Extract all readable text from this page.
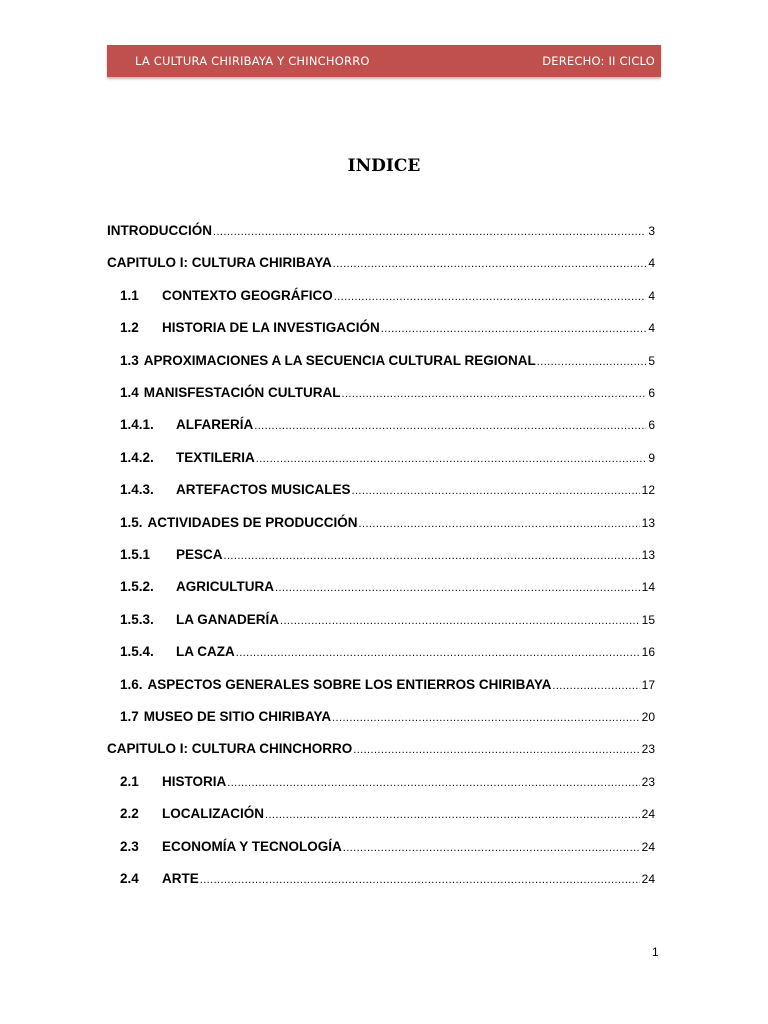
LA CULTURA CHIRIBAYA Y CHINCHORRO	DERECHO: II CICLO
INDICE
INTRODUCCIÓN .....	3
CAPITULO I: CULTURA CHIRIBAYA .....	4
1.1	CONTEXTO GEOGRÁFICO .....	4
1.2	HISTORIA DE LA INVESTIGACIÓN .....	4
1.3 APROXIMACIONES A LA SECUENCIA CULTURAL REGIONAL .....	5
1.4 MANISFESTACIÓN CULTURAL .....	6
1.4.1.	ALFARERÍA .....	6
1.4.2.	TEXTILERIA .....	9
1.4.3.	ARTEFACTOS MUSICALES .....	12
1.5. ACTIVIDADES DE PRODUCCIÓN .....	13
1.5.1	PESCA .....	13
1.5.2.	AGRICULTURA .....	14
1.5.3.	LA GANADERÍA .....	15
1.5.4.	LA CAZA .....	16
1.6. ASPECTOS GENERALES SOBRE LOS ENTIERROS CHIRIBAYA .....	17
1.7 MUSEO DE SITIO CHIRIBAYA .....	20
CAPITULO I: CULTURA CHINCHORRO .....	23
2.1	HISTORIA .....	23
2.2	LOCALIZACIÓN .....	24
2.3	ECONOMÍA Y TECNOLOGÍA .....	24
2.4	ARTE .....	24
1
